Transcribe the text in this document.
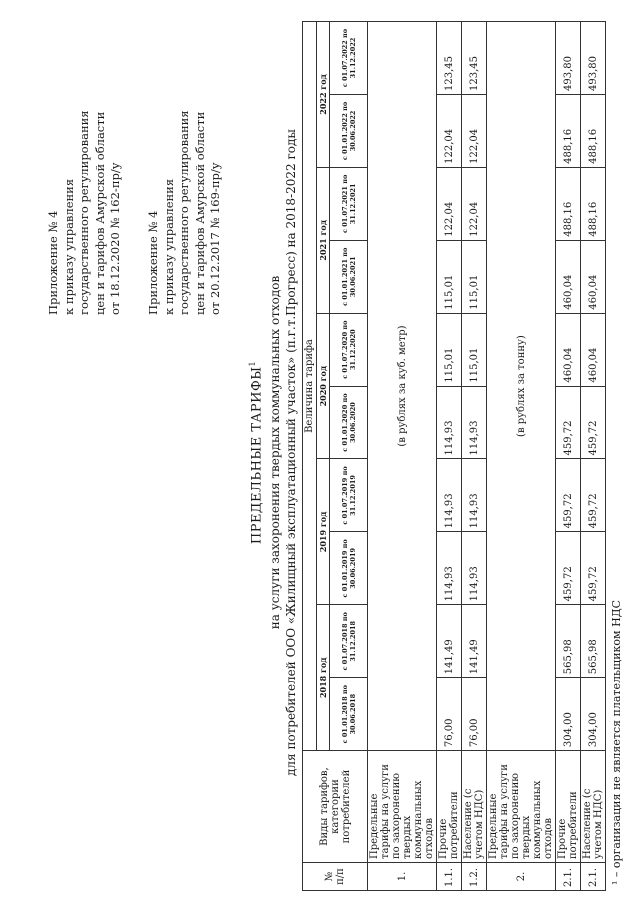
Приложение № 4 к приказу управления государственного регулирования цен и тарифов Амурской области от 18.12.2020 № 162-пр/у Приложение № 4 к приказу управления государственного регулирования цен и тарифов Амурской области от 20.12.2017 № 169-пр/у
ПРЕДЕЛЬНЫЕ ТАРИФЫ$^1$ на услуги захоронения твердых коммунальных отходов для потребителей ООО «Жилищный эксплуатационный участок» (п.г.т.Прогресс) на 2018-2022 годы
№ п/п	Виды тарифов, категории потребителей	Величина тарифа									
		2018 год		2019 год		2020 год		2021 год		2022 год	
		с 01.01.2018 по 30.06.2018	с 01.07.2018 по 31.12.2018	с 01.01.2019 по 30.06.2019	с 01.07.2019 по 31.12.2019	с 01.01.2020 по 30.06.2020	с 01.07.2020 по 31.12.2020	с 01.01.2021 по 30.06.2021	с 01.07.2021 по 31.12.2021	с 01.01.2022 по 30.06.2022	с 01.07.2022 по 31.12.2022
1.	Предельные тарифы на услуги по захоронению твердых коммунальных отходов	(в рублях за куб. метр)									
1.1.	Прочие потребители	76,00	141,49	114,93	114,93	114,93	115,01	115,01	122,04	122,04	123,45
1.2.	Население (с учетом НДС)	76,00	141,49	114,93	114,93	114,93	115,01	115,01	122,04	122,04	123,45
2.	Предельные тарифы на услуги по захоронению твердых коммунальных отходов	(в рублях за тонну)									
2.1.	Прочие потребители	304,00	565,98	459,72	459,72	459,72	460,04	460,04	488,16	488,16	493,80
2.1.	Население (с учетом НДС)	304,00	565,98	459,72	459,72	459,72	460,04	460,04	488,16	488,16	493,80
¹ – организация не является плательщиком НДС
